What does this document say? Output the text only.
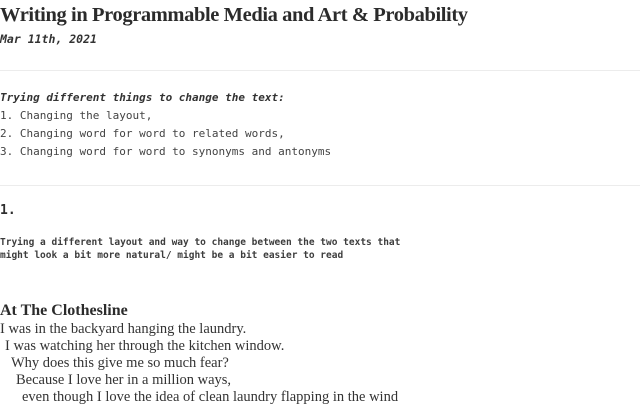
Writing in Programmable Media and Art & Probability
Mar 11th, 2021
Trying different things to change the text:
1. Changing the layout,
2. Changing word for word to related words,
3. Changing word for word to synonyms and antonyms
1.
Trying a different layout and way to change between the two texts that
might look a bit more natural/ might be a bit easier to read
At The Clothesline
I was in the backyard hanging the laundry.
I was watching her through the kitchen window.
Why does this give me so much fear?
Because I love her in a million ways,
even though I love the idea of clean laundry flapping in the wind
